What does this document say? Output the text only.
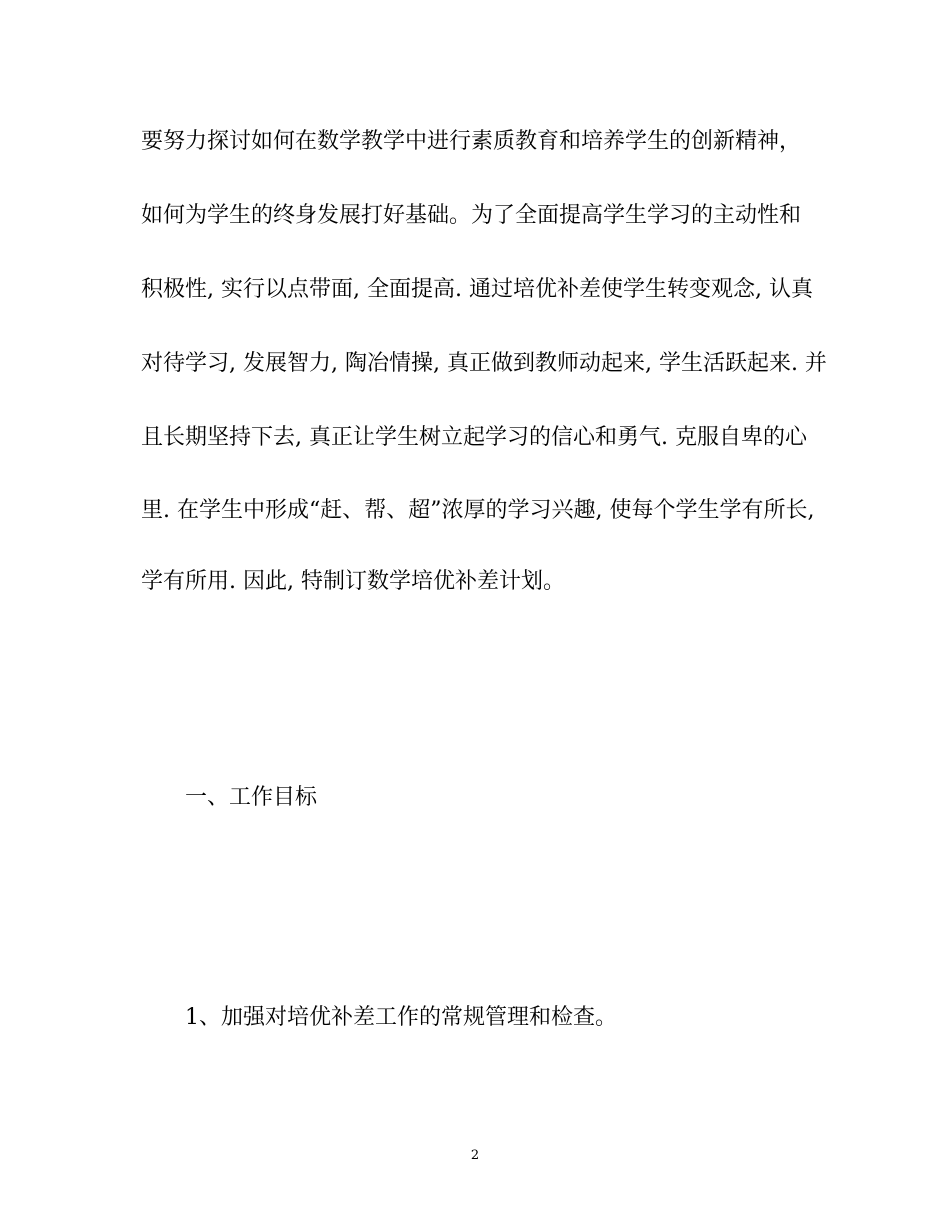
要努力探讨如何在数学教学中进行素质教育和培养学生的创新精神，
如何为学生的终身发展打好基础。为了全面提高学生学习的主动性和
积极性, 实行以点带面, 全面提高. 通过培优补差使学生转变观念, 认真
对待学习, 发展智力, 陶冶情操, 真正做到教师动起来, 学生活跃起来. 并
且长期坚持下去, 真正让学生树立起学习的信心和勇气. 克服自卑的心
里. 在学生中形成“赶、帮、超”浓厚的学习兴趣, 使每个学生学有所长,
学有所用. 因此, 特制订数学培优补差计划。
一、工作目标
1、加强对培优补差工作的常规管理和检查。
2
